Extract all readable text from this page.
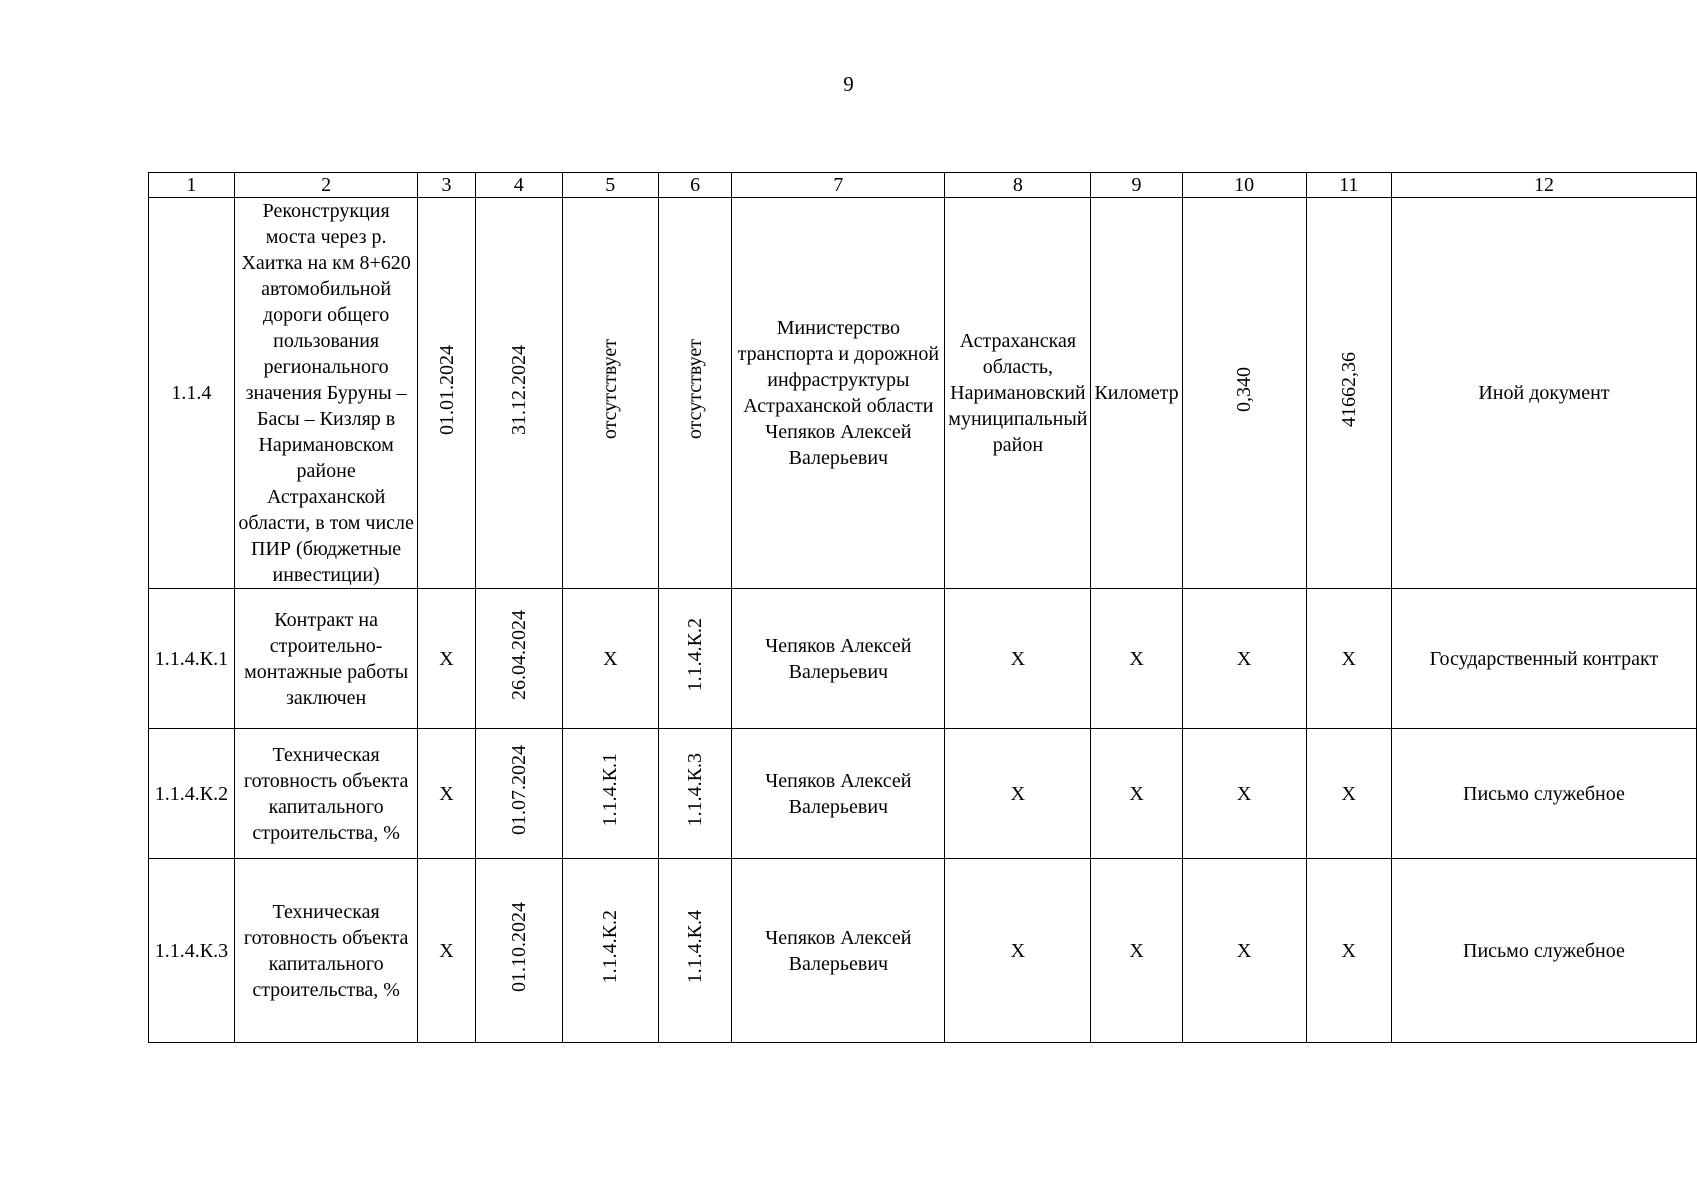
9
1	2	3	4	5	6	7	8	9	10	11	12
1.1.4	Реконструкция моста через р. Хаитка на км 8+620 автомобильной дороги общего пользования регионального значения Буруны – Басы – Кизляр в Наримановском районе Астраханской области, в том числе ПИР (бюджетные инвестиции)	01.01.2024	31.12.2024	отсутствует	отсутствует	Министерство транспорта и дорожной инфраструктуры Астраханской области Чепяков Алексей Валерьевич	Астраханская область, Наримановский муниципальный район	Километр	0,340	41662,36	Иной документ
1.1.4.К.1	Контракт на строительно-монтажные работы заключен	Х	26.04.2024	Х	1.1.4.К.2	Чепяков Алексей Валерьевич	Х	Х	Х	Х	Государственный контракт
1.1.4.К.2	Техническая готовность объекта капитального строительства, %	Х	01.07.2024	1.1.4.К.1	1.1.4.К.3	Чепяков Алексей Валерьевич	Х	Х	Х	Х	Письмо служебное
1.1.4.К.3	Техническая готовность объекта капитального строительства, %	Х	01.10.2024	1.1.4.К.2	1.1.4.К.4	Чепяков Алексей Валерьевич	Х	Х	Х	Х	Письмо служебное
